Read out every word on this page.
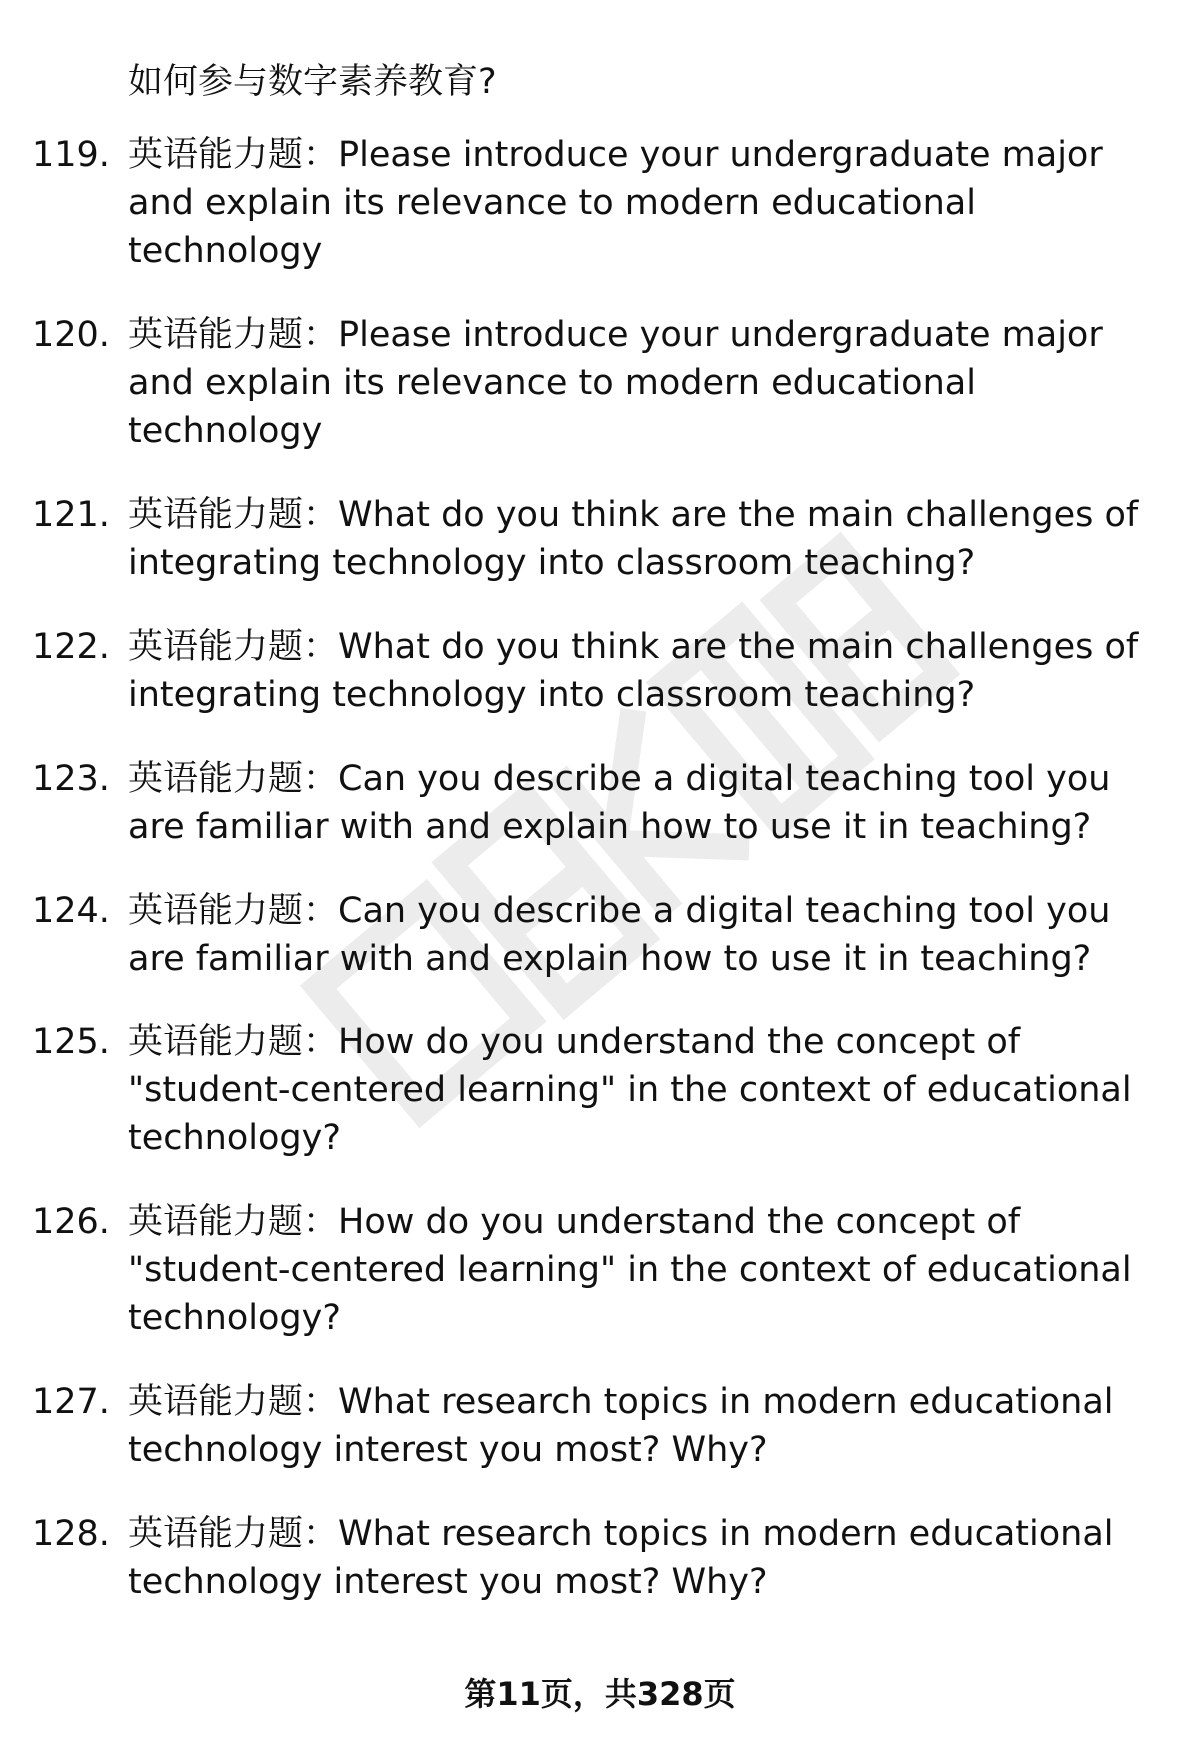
如何参与数字素养教育?
119. 英语能力题：Please introduce your undergraduate major and explain its relevance to modern educational technology
120. 英语能力题：Please introduce your undergraduate major and explain its relevance to modern educational technology
121. 英语能力题：What do you think are the main challenges of integrating technology into classroom teaching?
122. 英语能力题：What do you think are the main challenges of integrating technology into classroom teaching?
123. 英语能力题：Can you describe a digital teaching tool you are familiar with and explain how to use it in teaching?
124. 英语能力题：Can you describe a digital teaching tool you are familiar with and explain how to use it in teaching?
125. 英语能力题：How do you understand the concept of "student-centered learning" in the context of educational technology?
126. 英语能力题：How do you understand the concept of "student-centered learning" in the context of educational technology?
127. 英语能力题：What research topics in modern educational technology interest you most? Why?
128. 英语能力题：What research topics in modern educational technology interest you most? Why?
第11页，共328页
